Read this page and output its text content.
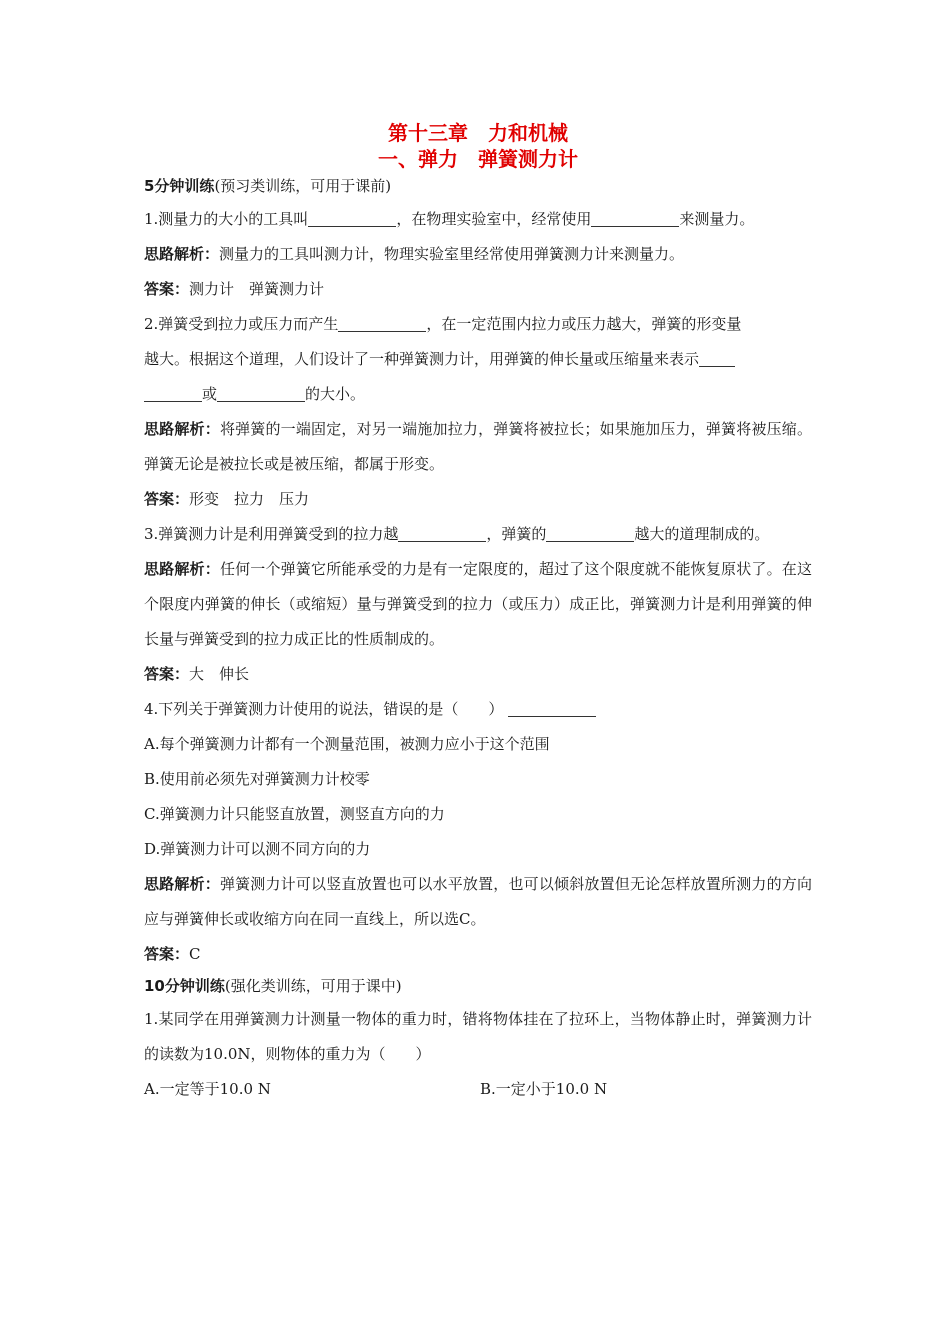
第十三章　力和机械
一、弹力　弹簧测力计

5分钟训练(预习类训练，可用于课前)

1.测量力的大小的工具叫	，在物理实验室中，经常使用	来测量力。

思路解析：测量力的工具叫测力计，物理实验室里经常使用弹簧测力计来测量力。

答案：测力计　弹簧测力计

2.弹簧受到拉力或压力而产生	，在一定范围内拉力或压力越大，弹簧的形变量

越大。根据这个道理，人们设计了一种弹簧测力计，用弹簧的伸长量或压缩量来表示

或	的大小。

思路解析：将弹簧的一端固定，对另一端施加拉力，弹簧将被拉长；如果施加压力，弹簧将被压缩。弹簧无论是被拉长或是被压缩，都属于形变。

答案：形变　拉力　压力

3.弹簧测力计是利用弹簧受到的拉力越	，弹簧的	越大的道理制成的。

思路解析：任何一个弹簧它所能承受的力是有一定限度的，超过了这个限度就不能恢复原状了。在这个限度内弹簧的伸长（或缩短）量与弹簧受到的拉力（或压力）成正比，弹簧测力计是利用弹簧的伸长量与弹簧受到的拉力成正比的性质制成的。

答案：大　伸长

4.下列关于弹簧测力计使用的说法，错误的是（　　）

A.每个弹簧测力计都有一个测量范围，被测力应小于这个范围

B.使用前必须先对弹簧测力计校零

C.弹簧测力计只能竖直放置，测竖直方向的力

D.弹簧测力计可以测不同方向的力

思路解析：弹簧测力计可以竖直放置也可以水平放置，也可以倾斜放置但无论怎样放置所测力的方向应与弹簧伸长或收缩方向在同一直线上，所以选C。

答案：C

10分钟训练(强化类训练，可用于课中)

1.某同学在用弹簧测力计测量一物体的重力时，错将物体挂在了拉环上，当物体静止时，弹簧测力计的读数为10.0N，则物体的重力为（　　）

A.一定等于10.0 N	B.一定小于10.0 N
